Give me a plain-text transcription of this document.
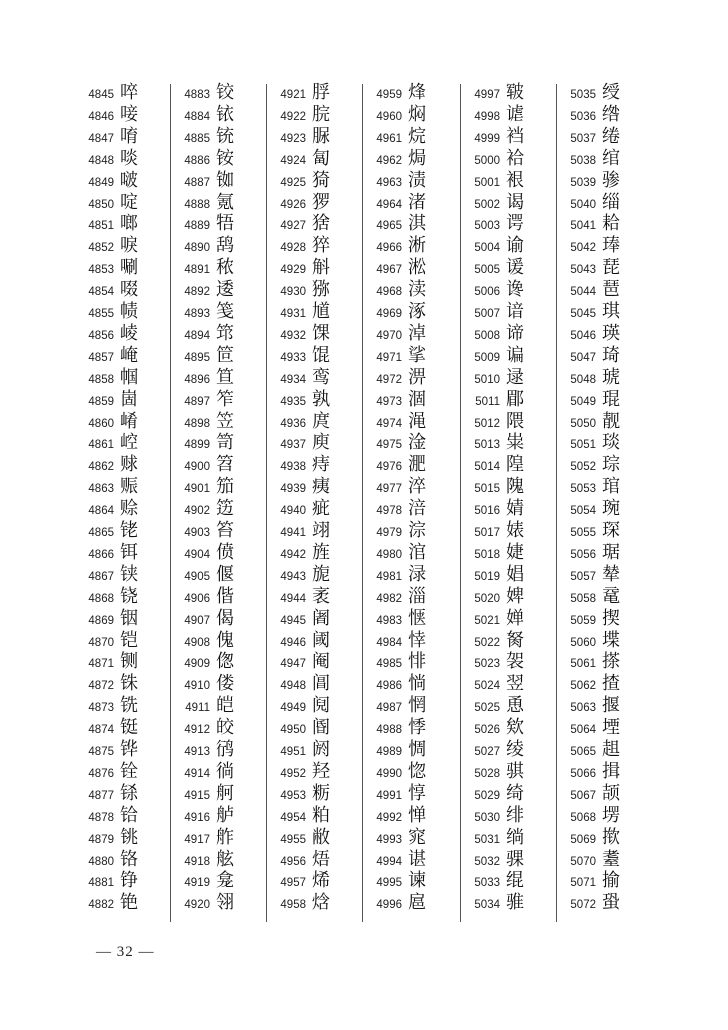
4845 啐
4846 唼
4847 唷
4848 啖
4849 啵
4850 啶
4851 啷
4852 唳
4853 唰
4854 啜
4855 帻
4856 崚
4857 崦
4858 帼
4859 崮
4860 崤
4861 崆
4862 赇
4863 赈
4864 赊
4865 铑
4866 铒
4867 铗
4868 铙
4869 铟
4870 铠
4871 铡
4872 铢
4873 铣
4874 铤
4875 铧
4876 铨
4877 铩
4878 铪
4879 铫
4880 铬
4881 铮
4882 铯
4883 铰
4884 铱
4885 铳
4886 铵
4887 铷
4888 氪
4889 牾
4890 鸹
4891 秾
4892 逶
4893 笺
4894 筇
4895 笸
4896 笪
4897 笮
4898 笠
4899 笥
4900 笤
4901 笳
4902 笾
4903 笞
4904 偾
4905 偃
4906 偕
4907 偈
4908 傀
4909 偬
4910 偻
4911 皑
4912 皎
4913 鸻
4914 徜
4915 舸
4916 舻
4917 舴
4918 舷
4919 龛
4920 翎
4921 脬
4922 脘
4923 脲
4924 匐
4925 猗
4926 猡
4927 猞
4928 猝
4929 斛
4930 猕
4931 馗
4932 馃
4933 馄
4934 鸾
4935 孰
4936 庹
4937 庾
4938 痔
4939 痍
4940 疵
4941 翊
4942 旌
4943 旎
4944 袤
4945 阇
4946 阈
4947 阉
4948 阊
4949 阋
4950 阍
4951 阏
4952 羟
4953 粝
4954 粕
4955 敝
4956 焐
4957 烯
4958 焓
4959 烽
4960 焖
4961 烷
4962 焗
4963 渍
4964 渚
4965 淇
4966 淅
4967 淞
4968 渎
4969 涿
4970 淖
4971 挲
4972 淠
4973 涸
4974 渑
4975 淦
4976 淝
4977 淬
4978 涪
4979 淙
4980 涫
4981 渌
4982 淄
4983 惬
4984 悻
4985 悱
4986 惝
4987 惘
4988 悸
4989 惆
4990 惚
4991 惇
4992 惮
4993 窕
4994 谌
4995 谏
4996 扈
4997 皲
4998 谑
4999 裆
5000 袷
5001 裉
5002 谒
5003 谔
5004 谕
5005 谖
5006 谗
5007 谙
5008 谛
5009 谝
5010 逯
5011 郿
5012 隈
5013 粜
5014 隍
5015 隗
5016 婧
5017 婊
5018 婕
5019 娼
5020 婢
5021 婵
5022 胬
5023 袈
5024 翌
5025 恿
5026 欸
5027 绫
5028 骐
5029 绮
5030 绯
5031 绱
5032 骒
5033 绲
5034 骓
5035 绶
5036 绺
5037 绻
5038 绾
5039 骖
5040 缁
5041 耠
5042 琫
5043 琵
5044 琶
5045 琪
5046 瑛
5047 琦
5048 琥
5049 琨
5050 靓
5051 琰
5052 琮
5053 琯
5054 琬
5055 琛
5056 琚
5057 辇
5058 鼋
5059 揳
5060 堞
5061 搽
5062 揸
5063 揠
5064 堙
5065 趄
5066 揖
5067 颉
5068 塄
5069 揿
5070 耋
5071 揄
5072 蛩
— 32 —
